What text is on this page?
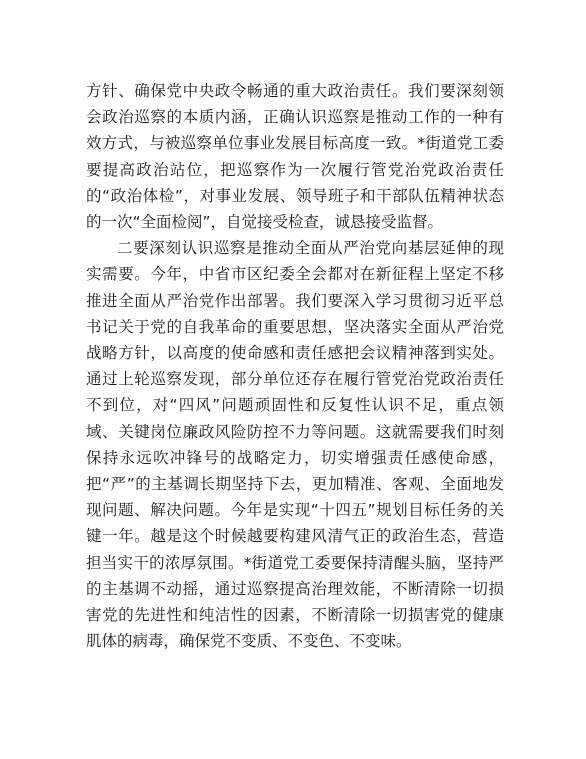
方针、确保党中央政令畅通的重大政治责任。我们要深刻领会政治巡察的本质内涵，正确认识巡察是推动工作的一种有效方式，与被巡察单位事业发展目标高度一致。*街道党工委要提高政治站位，把巡察作为一次履行管党治党政治责任的“政治体检”，对事业发展、领导班子和干部队伍精神状态的一次“全面检阅”，自觉接受检查，诚恳接受监督。

二要深刻认识巡察是推动全面从严治党向基层延伸的现实需要。今年，中省市区纪委全会都对在新征程上坚定不移推进全面从严治党作出部署。我们要深入学习贯彻习近平总书记关于党的自我革命的重要思想，坚决落实全面从严治党战略方针，以高度的使命感和责任感把会议精神落到实处。通过上轮巡察发现，部分单位还存在履行管党治党政治责任不到位，对“四风”问题顽固性和反复性认识不足，重点领域、关键岗位廉政风险防控不力等问题。这就需要我们时刻保持永远吹冲锋号的战略定力，切实增强责任感使命感，把“严”的主基调长期坚持下去，更加精准、客观、全面地发现问题、解决问题。今年是实现“十四五”规划目标任务的关键一年。越是这个时候越要构建风清气正的政治生态，营造担当实干的浓厚氛围。*街道党工委要保持清醒头脑，坚持严的主基调不动摇，通过巡察提高治理效能，不断清除一切损害党的先进性和纯洁性的因素，不断清除一切损害党的健康肌体的病毒，确保党不变质、不变色、不变味。
